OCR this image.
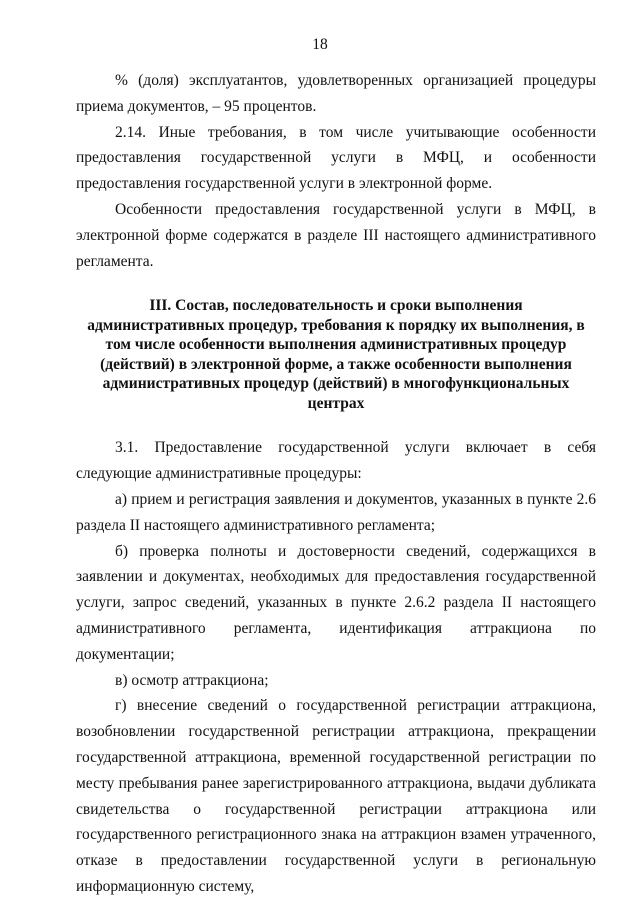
18

% (доля) эксплуатантов, удовлетворенных организацией процедуры приема документов, – 95 процентов.

2.14. Иные требования, в том числе учитывающие особенности предоставления государственной услуги в МФЦ, и особенности предоставления государственной услуги в электронной форме.

Особенности предоставления государственной услуги в МФЦ, в электронной форме содержатся в разделе III настоящего административного регламента.

III. Состав, последовательность и сроки выполнения административных процедур, требования к порядку их выполнения, в том числе особенности выполнения административных процедур (действий) в электронной форме, а также особенности выполнения административных процедур (действий) в многофункциональных центрах

3.1. Предоставление государственной услуги включает в себя следующие административные процедуры:

а) прием и регистрация заявления и документов, указанных в пункте 2.6 раздела II настоящего административного регламента;

б) проверка полноты и достоверности сведений, содержащихся в заявлении и документах, необходимых для предоставления государственной услуги, запрос сведений, указанных в пункте 2.6.2 раздела II настоящего административного регламента, идентификация аттракциона по документации;

в) осмотр аттракциона;

г) внесение сведений о государственной регистрации аттракциона, возобновлении государственной регистрации аттракциона, прекращении государственной аттракциона, временной государственной регистрации по месту пребывания ранее зарегистрированного аттракциона, выдачи дубликата свидетельства о государственной регистрации аттракциона или государственного регистрационного знака на аттракцион взамен утраченного, отказе в предоставлении государственной услуги в региональную информационную систему,
